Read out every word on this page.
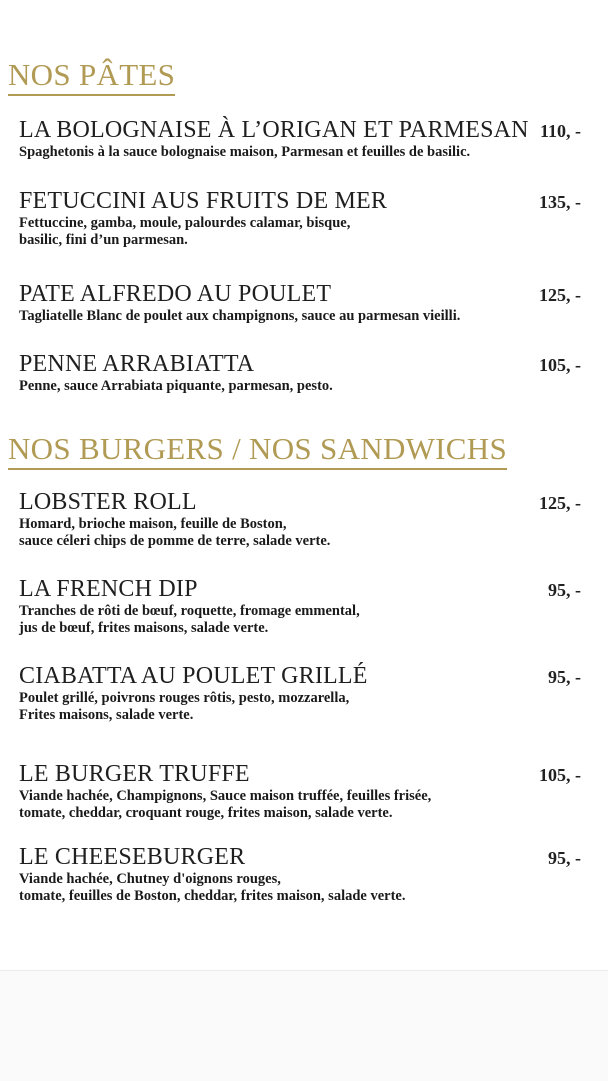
NOS PÂTES
LA BOLOGNAISE À L’ORIGAN ET PARMESAN 110, -
Spaghetonis à la sauce bolognaise maison, Parmesan et feuilles de basilic.
FETUCCINI AUS FRUITS DE MER	135, -
Fettuccine, gamba, moule, palourdes calamar, bisque,
basilic, fini d’un parmesan.
PATE ALFREDO AU POULET	125, -
Tagliatelle Blanc de poulet aux champignons, sauce au parmesan vieilli.
PENNE ARRABIATTA	105, -
Penne, sauce Arrabiata piquante, parmesan, pesto.
NOS BURGERS / NOS SANDWICHS
LOBSTER ROLL	125, -
Homard, brioche maison, feuille de Boston,
sauce céleri chips de pomme de terre, salade verte.
LA FRENCH DIP	95, -
Tranches de rôti de bœuf, roquette, fromage emmental,
jus de bœuf, frites maisons, salade verte.
CIABATTA AU POULET GRILLÉ	95, -
Poulet grillé, poivrons rouges rôtis, pesto, mozzarella,
Frites maisons, salade verte.
LE BURGER TRUFFE	105, -
Viande hachée, Champignons, Sauce maison truffée, feuilles frisée,
tomate, cheddar, croquant rouge, frites maison, salade verte.
LE CHEESEBURGER	95, -
Viande hachée, Chutney d'oignons rouges,
tomate, feuilles de Boston, cheddar, frites maison, salade verte.
